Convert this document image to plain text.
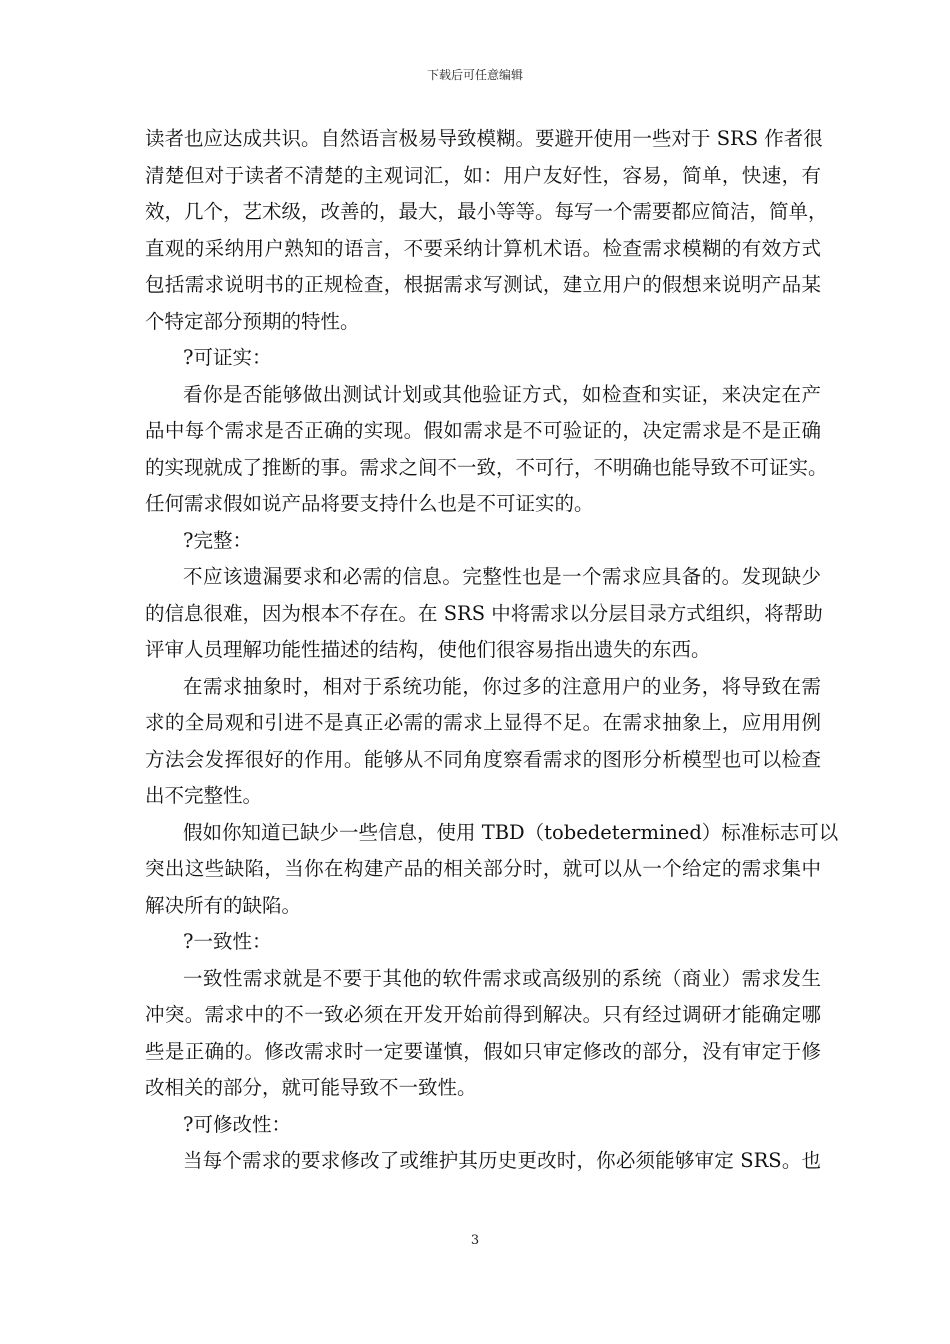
下载后可任意编辑
读者也应达成共识。自然语言极易导致模糊。要避开使用一些对于 SRS 作者很
清楚但对于读者不清楚的主观词汇，如：用户友好性，容易，简单，快速，有
效，几个，艺术级，改善的，最大，最小等等。每写一个需要都应简洁，简单，
直观的采纳用户熟知的语言，不要采纳计算机术语。检查需求模糊的有效方式
包括需求说明书的正规检查，根据需求写测试，建立用户的假想来说明产品某
个特定部分预期的特性。
?可证实：
看你是否能够做出测试计划或其他验证方式，如检查和实证，来决定在产
品中每个需求是否正确的实现。假如需求是不可验证的，决定需求是不是正确
的实现就成了推断的事。需求之间不一致，不可行，不明确也能导致不可证实。
任何需求假如说产品将要支持什么也是不可证实的。
?完整：
不应该遗漏要求和必需的信息。完整性也是一个需求应具备的。发现缺少
的信息很难，因为根本不存在。在 SRS 中将需求以分层目录方式组织，将帮助
评审人员理解功能性描述的结构，使他们很容易指出遗失的东西。
在需求抽象时，相对于系统功能，你过多的注意用户的业务，将导致在需
求的全局观和引进不是真正必需的需求上显得不足。在需求抽象上，应用用例
方法会发挥很好的作用。能够从不同角度察看需求的图形分析模型也可以检查
出不完整性。
假如你知道已缺少一些信息，使用 TBD（tobedetermined）标准标志可以
突出这些缺陷，当你在构建产品的相关部分时，就可以从一个给定的需求集中
解决所有的缺陷。
?一致性：
一致性需求就是不要于其他的软件需求或高级别的系统（商业）需求发生
冲突。需求中的不一致必须在开发开始前得到解决。只有经过调研才能确定哪
些是正确的。修改需求时一定要谨慎，假如只审定修改的部分，没有审定于修
改相关的部分，就可能导致不一致性。
?可修改性：
当每个需求的要求修改了或维护其历史更改时，你必须能够审定 SRS。也
3
